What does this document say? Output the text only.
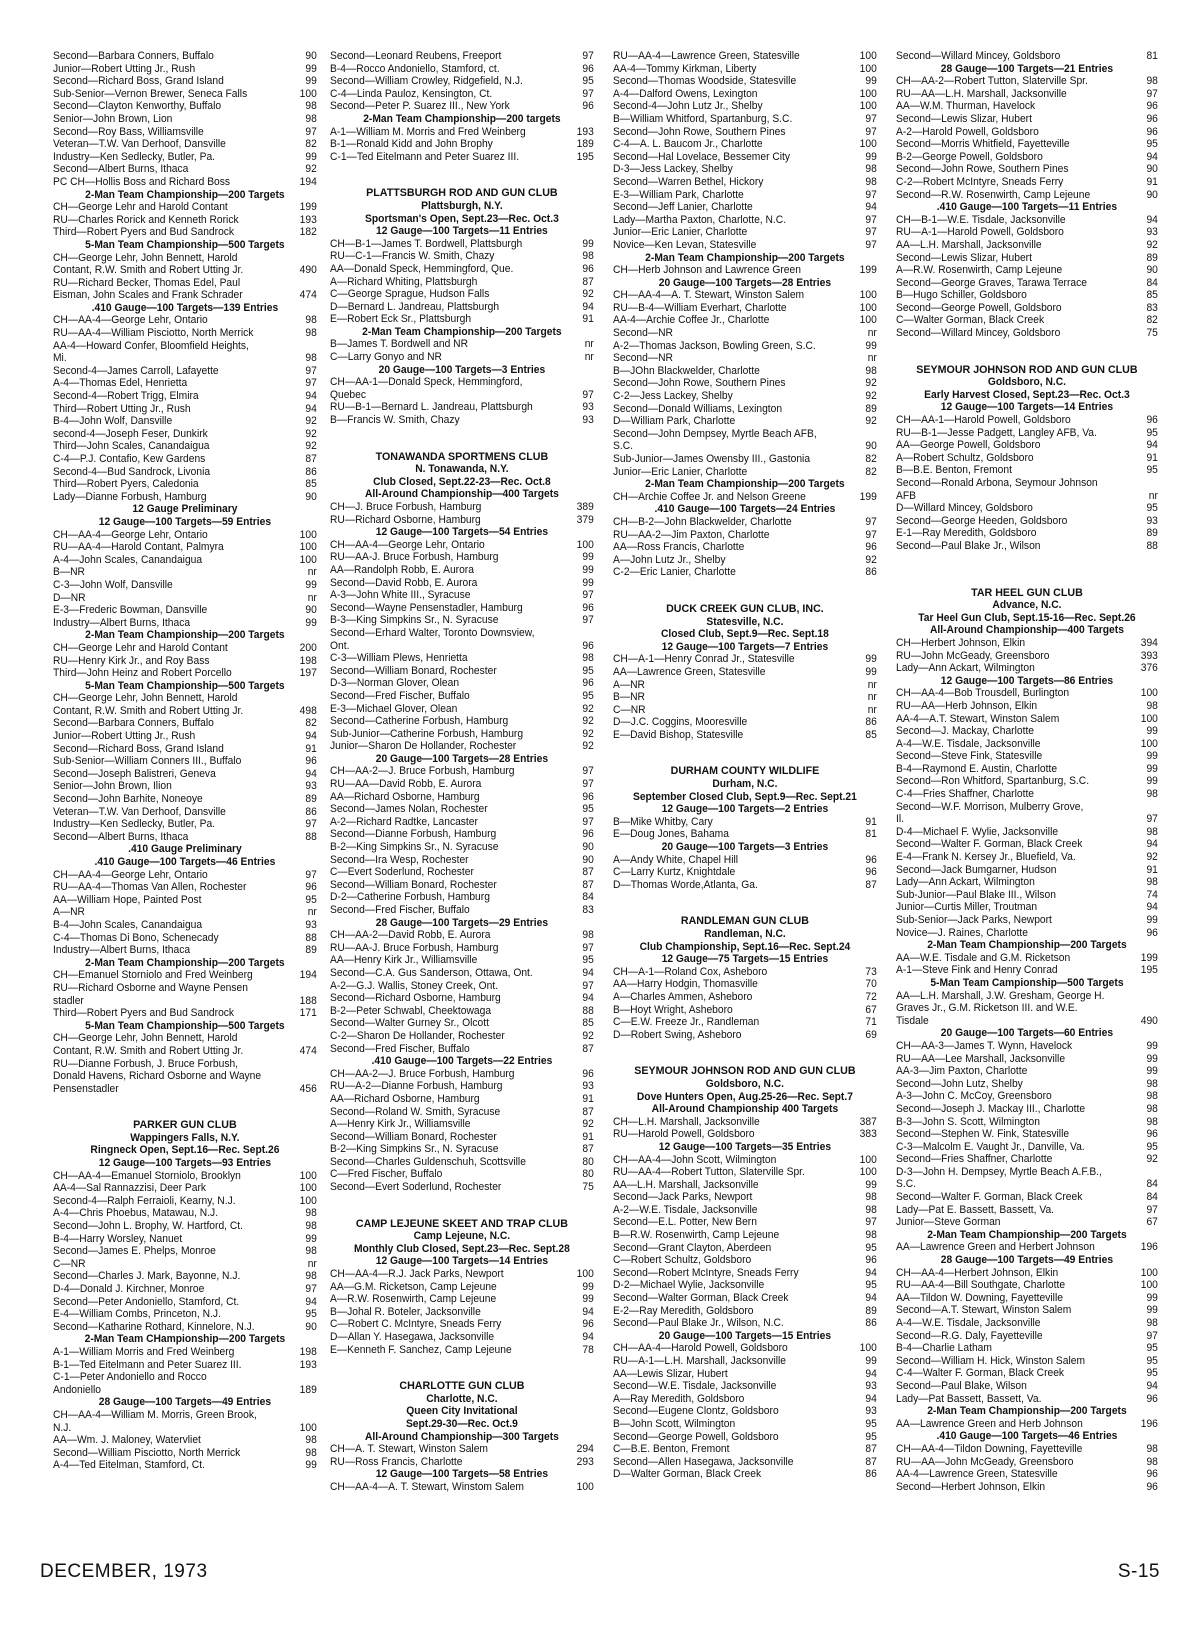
Second—Barbara Conners, Buffalo	90
Junior—Robert Utting Jr., Rush	99
Second—Richard Boss, Grand Island	99
Sub-Senior—Vernon Brewer, Seneca Falls	100
Second—Clayton Kenworthy, Buffalo	98
Senior—John Brown, Lion	98
Second—Roy Bass, Williamsville	97
Veteran—T.W. Van Derhoof, Dansville	82
Industry—Ken Sedlecky, Butler, Pa.	99
Second—Albert Burns, Ithaca	92
PC CH—Hollis Boss and Richard Boss	194
2-Man Team Championship—200 Targets
CH—George Lehr and Harold Contant	199
RU—Charles Rorick and Kenneth Rorick	193
Third—Robert Pyers and Bud Sandrock	182
5-Man Team Championship—500 Targets
CH—George Lehr, John Bennett, Harold
Contant, R.W. Smith and Robert Utting Jr.	490
RU—Richard Becker, Thomas Edel, Paul
Eisman, John Scales and Frank Schrader	474
.410 Gauge—100 Targets—139 Entries
CH—AA-4—George Lehr, Ontario	98
RU—AA-4—William Pisciotto, North Merrick	98
AA-4—Howard Confer, Bloomfield Heights,
Mi.	98
Second-4—James Carroll, Lafayette	97
A-4—Thomas Edel, Henrietta	97
Second-4—Robert Trigg, Elmira	94
Third—Robert Utting Jr., Rush	94
B-4—John Wolf, Dansville	92
second-4—Joseph Feser, Dunkirk	92
Third—John Scales, Canandaigua	92
C-4—P.J. Contafio, Kew Gardens	87
Second-4—Bud Sandrock, Livonia	86
Third—Robert Pyers, Caledonia	85
Lady—Dianne Forbush, Hamburg	90
12 Gauge Preliminary
12 Gauge—100 Targets—59 Entries
CH—AA-4—George Lehr, Ontario	100
RU—AA-4—Harold Contant, Palmyra	100
A-4—John Scales, Canandaigua	100
B—NR	nr
C-3—John Wolf, Dansville	99
D—NR	nr
E-3—Frederic Bowman, Dansville	90
Industry—Albert Burns, Ithaca	99
2-Man Team Championship—200 Targets
CH—George Lehr and Harold Contant	200
RU—Henry Kirk Jr., and Roy Bass	198
Third—John Heinz and Robert Porcello	197
5-Man Team Championship—500 Targets
CH—George Lehr, John Bennett, Harold
Contant, R.W. Smith and Robert Utting Jr.	498
Second—Barbara Conners, Buffalo	82
Junior—Robert Utting Jr., Rush	94
Second—Richard Boss, Grand Island	91
Sub-Senior—William Conners III., Buffalo	96
Second—Joseph Balistreri, Geneva	94
Senior—John Brown, Ilion	93
Second—John Barhite, Noneoye	89
Veteran—T.W. Van Derhoof, Dansville	86
Industry—Ken Sedlecky, Butler, Pa.	97
Second—Albert Burns, Ithaca	88
.410 Gauge Preliminary
.410 Gauge—100 Targets—46 Entries
CH—AA-4—George Lehr, Ontario	97
RU—AA-4—Thomas Van Allen, Rochester	96
AA—William Hope, Painted Post	95
A—NR	nr
B-4—John Scales, Canandaigua	93
C-4—Thomas Di Bono, Schenecady	88
Industry—Albert Burns, Ithaca	89
2-Man Team Championship—200 Targets
CH—Emanuel Storniolo and Fred Weinberg	194
RU—Richard Osborne and Wayne Pensen
stadler	188
Third—Robert Pyers and Bud Sandrock	171
5-Man Team Championship—500 Targets
CH—George Lehr, John Bennett, Harold
Contant, R.W. Smith and Robert Utting Jr.	474
RU—Dianne Forbush, J. Bruce Forbush,
Donald Havens, Richard Osborne and Wayne
Pensenstadler	456
PARKER GUN CLUB
Wappingers Falls, N.Y.
Ringneck Open, Sept.16—Rec. Sept.26
12 Gauge—100 Targets—93 Entries
CH—AA-4—Emanuel Storniolo, Brooklyn	100
AA-4—Sal Rannazzisi, Deer Park	100
Second-4—Ralph Ferraioli, Kearny, N.J.	100
A-4—Chris Phoebus, Matawau, N.J.	98
Second—John L. Brophy, W. Hartford, Ct.	98
B-4—Harry Worsley, Nanuet	99
Second—James E. Phelps, Monroe	98
C—NR	nr
Second—Charles J. Mark, Bayonne, N.J.	98
D-4—Donald J. Kirchner, Monroe	97
Second—Peter Andoniello, Stamford, Ct.	94
E-4—William Combs, Princeton, N.J.	95
Second—Katharine Rothard, Kinnelore, N.J.	90
2-Man Team CHampionship—200 Targets
A-1—William Morris and Fred Weinberg	198
B-1—Ted Eitelmann and Peter Suarez III.	193
C-1—Peter Andoniello and Rocco
Andoniello	189
28 Gauge—100 Targets—49 Entries
CH—AA-4—William M. Morris, Green Brook,
N.J.	100
AA—Wm. J. Maloney, Watervliet	98
Second—William Pisciotto, North Merrick	98
A-4—Ted Eitelman, Stamford, Ct.	99
Second—Leonard Reubens, Freeport	97
B-4—Rocco Andoniello, Stamford, ct.	96
Second—William Crowley, Ridgefield, N.J.	95
C-4—Linda Pauloz, Kensington, Ct.	97
Second—Peter P. Suarez III., New York	96
2-Man Team Championship—200 targets
A-1—William M. Morris and Fred Weinberg	193
B-1—Ronald Kidd and John Brophy	189
C-1—Ted Eitelmann and Peter Suarez III.	195
PLATTSBURGH ROD AND GUN CLUB
Plattsburgh, N.Y.
Sportsman's Open, Sept.23—Rec. Oct.3
12 Gauge—100 Targets—11 Entries
CH—B-1—James T. Bordwell, Plattsburgh	99
RU—C-1—Francis W. Smith, Chazy	98
AA—Donald Speck, Hemmingford, Que.	96
A—Richard Whiting, Plattsburgh	87
C—George Sprague, Hudson Falls	92
D—Bernard L. Jandreau, Plattsburgh	94
E—Robert Eck Sr., Plattsburgh	91
2-Man Team Championship—200 Targets
B—James T. Bordwell and NR	nr
C—Larry Gonyo and NR	nr
20 Gauge—100 Targets—3 Entries
CH—AA-1—Donald Speck, Hemmingford,
Quebec	97
RU—B-1—Bernard L. Jandreau, Plattsburgh	93
B—Francis W. Smith, Chazy	93
TONAWANDA SPORTMENS CLUB
N. Tonawanda, N.Y.
Club Closed, Sept.22-23—Rec. Oct.8
All-Around Championship—400 Targets
CH—J. Bruce Forbush, Hamburg	389
RU—Richard Osborne, Hamburg	379
12 Gauge—100 Targets—54 Entries
CH—AA-4—George Lehr, Ontario	100
RU—AA-J. Bruce Forbush, Hamburg	99
AA—Randolph Robb, E. Aurora	99
Second—David Robb, E. Aurora	99
A-3—John White III., Syracuse	97
Second—Wayne Pensenstadler, Hamburg	96
B-3—King Simpkins Sr., N. Syracuse	97
Second—Erhard Walter, Toronto Downsview,
Ont.	96
C-3—William Plews, Henrietta	98
Second—William Bonard, Rochester	95
D-3—Norman Glover, Olean	96
Second—Fred Fischer, Buffalo	95
E-3—Michael Glover, Olean	92
Second—Catherine Forbush, Hamburg	92
Sub-Junior—Catherine Forbush, Hamburg	92
Junior—Sharon De Hollander, Rochester	92
20 Gauge—100 Targets—28 Entries
CH—AA-2—J. Bruce Forbush, Hamburg	97
RU—AA—David Robb, E. Aurora	97
AA—Richard Osborne, Hamburg	96
Second—James Nolan, Rochester	95
A-2—Richard Radtke, Lancaster	97
Second—Dianne Forbush, Hamburg	96
B-2—King Simpkins Sr., N. Syracuse	90
Second—Ira Wesp, Rochester	90
C—Evert Soderlund, Rochester	87
Second—William Bonard, Rochester	87
D-2—Catherine Forbush, Hamburg	84
Second—Fred Fischer, Buffalo	83
28 Gauge—100 Targets—29 Entries
CH—AA-2—David Robb, E. Aurora	98
RU—AA-J. Bruce Forbush, Hamburg	97
AA—Henry Kirk Jr., Williamsville	95
Second—C.A. Gus Sanderson, Ottawa, Ont.	94
A-2—G.J. Wallis, Stoney Creek, Ont.	97
Second—Richard Osborne, Hamburg	94
B-2—Peter Schwabl, Cheektowaga	88
Second—Walter Gurney Sr., Olcott	85
C-2—Sharon De Hollander, Rochester	92
Second—Fred Fischer, Buffalo	87
.410 Gauge—100 Targets—22 Entries
CH—AA-2—J. Bruce Forbush, Hamburg	96
RU—A-2—Dianne Forbush, Hamburg	93
AA—Richard Osborne, Hamburg	91
Second—Roland W. Smith, Syracuse	87
A—Henry Kirk Jr., Williamsville	92
Second—William Bonard, Rochester	91
B-2—King Simpkins Sr., N. Syracuse	87
Second—Charles Guldenschuh, Scottsville	80
C—Fred Fischer, Buffalo	80
Second—Evert Soderlund, Rochester	75
CAMP LEJEUNE SKEET AND TRAP CLUB
Camp Lejeune, N.C.
Monthly Club Closed, Sept.23—Rec. Sept.28
12 Gauge—100 Targets—14 Entries
CH—AA-4—R.J. Jack Parks, Newport	100
AA—G.M. Ricketson, Camp Lejeune	99
A—R.W. Rosenwirth, Camp Lejeune	99
B—Johal R. Boteler, Jacksonville	94
C—Robert C. McIntyre, Sneads Ferry	96
D—Allan Y. Hasegawa, Jacksonville	94
E—Kenneth F. Sanchez, Camp Lejeune	78
CHARLOTTE GUN CLUB
Charlotte, N.C.
Queen City Invitational
Sept.29-30—Rec. Oct.9
All-Around Championship—300 Targets
CH—A. T. Stewart, Winston Salem	294
RU—Ross Francis, Charlotte	293
12 Gauge—100 Targets—58 Entries
CH—AA-4—A. T. Stewart, Winstom Salem	100
RU—AA-4—Lawrence Green, Statesville	100
AA-4—Tommy Kirkman, Liberty	100
Second—Thomas Woodside, Statesville	99
A-4—Dalford Owens, Lexington	100
Second-4—John Lutz Jr., Shelby	100
B—William Whitford, Spartanburg, S.C.	97
Second—John Rowe, Southern Pines	97
C-4—A. L. Baucom Jr., Charlotte	100
Second—Hal Lovelace, Bessemer City	99
D-3—Jess Lackey, Shelby	98
Second—Warren Bethel, Hickory	98
E-3—William Park, Charlotte	97
Second—Jeff Lanier, Charlotte	94
Lady—Martha Paxton, Charlotte, N.C.	97
Junior—Eric Lanier, Charlotte	97
Novice—Ken Levan, Statesville	97
2-Man Team Championship—200 Targets
CH—Herb Johnson and Lawrence Green	199
20 Gauge—100 Targets—28 Entries
CH—AA-4—A. T. Stewart, Winston Salem	100
RU—B-4—William Everhart, Charlotte	100
AA-4—Archie Coffee Jr., Charlotte	100
Second—NR	nr
A-2—Thomas Jackson, Bowling Green, S.C.	99
Second—NR	nr
B—JOhn Blackwelder, Charlotte	98
Second—John Rowe, Southern Pines	92
C-2—Jess Lackey, Shelby	92
Second—Donald Williams, Lexington	89
D—William Park, Charlotte	92
Second—John Dempsey, Myrtle Beach AFB,
S.C.	90
Sub-Junior—James Owensby III., Gastonia	82
Junior—Eric Lanier, Charlotte	82
2-Man Team Championship—200 Targets
CH—Archie Coffee Jr. and Nelson Greene	199
.410 Gauge—100 Targets—24 Entries
CH—B-2—John Blackwelder, Charlotte	97
RU—AA-2—Jim Paxton, Charlotte	97
AA—Ross Francis, Charlotte	96
A—John Lutz Jr., Shelby	92
C-2—Eric Lanier, Charlotte	86
DUCK CREEK GUN CLUB, INC.
Statesville, N.C.
Closed Club, Sept.9—Rec. Sept.18
12 Gauge—100 Targets—7 Entries
CH—A-1—Henry Conrad Jr., Statesville	99
AA—Lawrence Green, Statesville	99
A—NR	nr
B—NR	nr
C—NR	nr
D—J.C. Coggins, Mooresville	86
E—David Bishop, Statesville	85
DURHAM COUNTY WILDLIFE
Durham, N.C.
September Closed Club, Sept.9—Rec. Sept.21
12 Gauge—100 Targets—2 Entries
B—Mike Whitby, Cary	91
E—Doug Jones, Bahama	81
20 Gauge—100 Targets—3 Entries
A—Andy White, Chapel Hill	96
C—Larry Kurtz, Knightdale	96
D—Thomas Worde,Atlanta, Ga.	87
RANDLEMAN GUN CLUB
Randleman, N.C.
Club Championship, Sept.16—Rec. Sept.24
12 Gauge—75 Targets—15 Entries
CH—A-1—Roland Cox, Asheboro	73
AA—Harry Hodgin, Thomasville	70
A—Charles Ammen, Asheboro	72
B—Hoyt Wright, Asheboro	67
C—E.W. Freeze Jr., Randleman	71
D—Robert Swing, Asheboro	69
SEYMOUR JOHNSON ROD AND GUN CLUB
Goldsboro, N.C.
Dove Hunters Open, Aug.25-26—Rec. Sept.7
All-Around Championship 400 Targets
CH—L.H. Marshall, Jacksonville	387
RU—Harold Powell, Goldsboro	383
12 Gauge—100 Targets—35 Entries
CH—AA-4—John Scott, Wilmington	100
RU—AA-4—Robert Tutton, Slaterville Spr.	100
AA—L.H. Marshall, Jacksonville	99
Second—Jack Parks, Newport	98
A-2—W.E. Tisdale, Jacksonville	98
Second—E.L. Potter, New Bern	97
B—R.W. Rosenwirth, Camp Lejeune	98
Second—Grant Clayton, Aberdeen	95
C—Robert Schultz, Goldsboro	96
Second—Robert McIntyre, Sneads Ferry	94
D-2—Michael Wylie, Jacksonville	95
Second—Walter Gorman, Black Creek	94
E-2—Ray Meredith, Goldsboro	89
Second—Paul Blake Jr., Wilson, N.C.	86
20 Gauge—100 Targets—15 Entries
CH—AA-4—Harold Powell, Goldsboro	100
RU—A-1—L.H. Marshall, Jacksonville	99
AA—Lewis Slizar, Hubert	94
Second—W.E. Tisdale, Jacksonville	93
A—Ray Meredith, Goldsboro	94
Second—Eugene Clontz, Goldsboro	93
B—John Scott, Wilmington	95
Second—George Powell, Goldsboro	95
C—B.E. Benton, Fremont	87
Second—Allen Hasegawa, Jacksonville	87
D—Walter Gorman, Black Creek	86
Second—Willard Mincey, Goldsboro	81
28 Gauge—100 Targets—21 Entries
CH—AA-2—Robert Tutton, Slaterville Spr.	98
RU—AA—L.H. Marshall, Jacksonville	97
AA—W.M. Thurman, Havelock	96
Second—Lewis Slizar, Hubert	96
A-2—Harold Powell, Goldsboro	96
Second—Morris Whitfield, Fayetteville	95
B-2—George Powell, Goldsboro	94
Second—John Rowe, Southern Pines	90
C-2—Robert McIntyre, Sneads Ferry	91
Second—R.W. Rosenwirth, Camp Lejeune	90
.410 Gauge—100 Targets—11 Entries
CH—B-1—W.E. Tisdale, Jacksonville	94
RU—A-1—Harold Powell, Goldsboro	93
AA—L.H. Marshall, Jacksonville	92
Second—Lewis Slizar, Hubert	89
A—R.W. Rosenwirth, Camp Lejeune	90
Second—George Graves, Tarawa Terrace	84
B—Hugo Schiller, Goldsboro	85
Second—George Powell, Goldsboro	83
C—Walter Gorman, Black Creek	82
Second—Willard Mincey, Goldsboro	75
SEYMOUR JOHNSON ROD AND GUN CLUB
Goldsboro, N.C.
Early Harvest Closed, Sept.23—Rec. Oct.3
12 Gauge—100 Targets—14 Entries
CH—AA-1—Harold Powell, Goldsboro	96
RU—B-1—Jesse Padgett, Langley AFB, Va.	95
AA—George Powell, Goldsboro	94
A—Robert Schultz, Goldsboro	91
B—B.E. Benton, Fremont	95
Second—Ronald Arbona, Seymour Johnson
AFB	nr
D—Willard Mincey, Goldsboro	95
Second—George Heeden, Goldsboro	93
E-1—Ray Meredith, Goldsboro	89
Second—Paul Blake Jr., Wilson	88
TAR HEEL GUN CLUB
Advance, N.C.
Tar Heel Gun Club, Sept.15-16—Rec. Sept.26
All-Around Championship—400 Targets
CH—Herbert Johnson, Elkin	394
RU—John McGeady, Greensboro	393
Lady—Ann Ackart, Wilmington	376
12 Gauge—100 Targets—86 Entries
CH—AA-4—Bob Trousdell, Burlington	100
RU—AA—Herb Johnson, Elkin	98
AA-4—A.T. Stewart, Winston Salem	100
Second—J. Mackay, Charlotte	99
A-4—W.E. Tisdale, Jacksonville	100
Second—Steve Fink, Statesville	99
B-4—Raymond E. Austin, Charlotte	99
Second—Ron Whitford, Spartanburg, S.C.	99
C-4—Fries Shaffner, Charlotte	98
Second—W.F. Morrison, Mulberry Grove,
Il.	97
D-4—Michael F. Wylie, Jacksonville	98
Second—Walter F. Gorman, Black Creek	94
E-4—Frank N. Kersey Jr., Bluefield, Va.	92
Second—Jack Bumgarner, Hudson	91
Lady—Ann Ackart, Wilmington	98
Sub-Junior—Paul Blake III., Wilson	74
Junior—Curtis Miller, Troutman	94
Sub-Senior—Jack Parks, Newport	99
Novice—J. Raines, Charlotte	96
2-Man Team Championship—200 Targets
AA—W.E. Tisdale and G.M. Ricketson	199
A-1—Steve Fink and Henry Conrad	195
5-Man Team Campionship—500 Targets
AA—L.H. Marshall, J.W. Gresham, George H.
Graves Jr., G.M. Ricketson III. and W.E.
Tisdale	490
20 Gauge—100 Targets—60 Entries
CH—AA-3—James T. Wynn, Havelock	99
RU—AA—Lee Marshall, Jacksonville	99
AA-3—Jim Paxton, Charlotte	99
Second—John Lutz, Shelby	98
A-3—John C. McCoy, Greensboro	98
Second—Joseph J. Mackay III., Charlotte	98
B-3—John S. Scott, Wilmington	98
Second—Stephen W. Fink, Statesville	96
C-3—Malcolm E. Vaught Jr., Danville, Va.	95
Second—Fries Shaffner, Charlotte	92
D-3—John H. Dempsey, Myrtle Beach A.F.B.,
S.C.	84
Second—Walter F. Gorman, Black Creek	84
Lady—Pat E. Bassett, Bassett, Va.	97
Junior—Steve Gorman	67
2-Man Team Championship—200 Targets
AA—Lawrence Green and Herbert Johnson	196
28 Gauge—100 Targets—49 Entries
CH—AA-4—Herbert Johnson, Elkin	100
RU—AA-4—Bill Southgate, Charlotte	100
AA—Tildon W. Downing, Fayetteville	99
Second—A.T. Stewart, Winston Salem	99
A-4—W.E. Tisdale, Jacksonville	98
Second—R.G. Daly, Fayetteville	97
B-4—Charlie Latham	95
Second—William H. Hick, Winston Salem	95
C-4—Walter F. Gorman, Black Creek	95
Second—Paul Blake, Wilson	94
Lady—Pat Bassett, Bassett, Va.	96
2-Man Team Championship—200 Targets
AA—Lawrence Green and Herb Johnson	196
.410 Gauge—100 Targets—46 Entries
CH—AA-4—Tildon Downing, Fayetteville	98
RU—AA—John McGeady, Greensboro	98
AA-4—Lawrence Green, Statesville	96
Second—Herbert Johnson, Elkin	96
DECEMBER, 1973	S-15
